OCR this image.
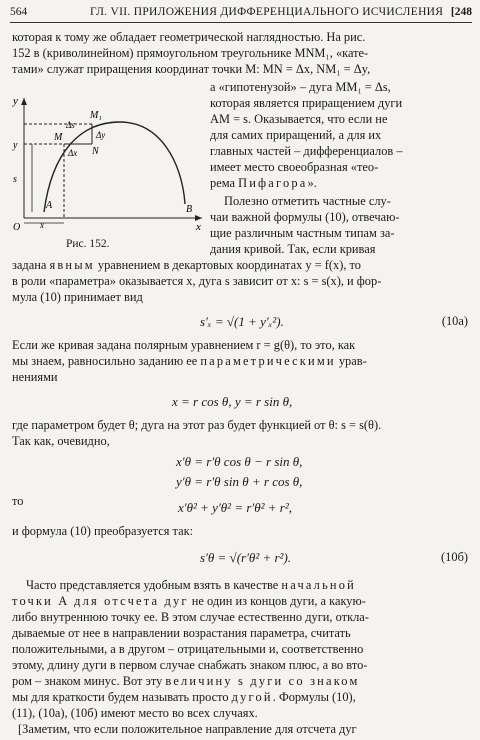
564	ГЛ. VII. ПРИЛОЖЕНИЯ ДИФФЕРЕНЦИАЛЬНОГО ИСЧИСЛЕНИЯ [248

которая к тому же обладает геометрической наглядностью. На рис.

152 в (криволинейном) прямоугольном треугольнике MNM₁, «кате-

тами» служат приращения координат точки M: MN = Δx, NM₁ = Δy,

y
x
O
y
s
x
M
M₁
N
Δx
Δy
Δs
A	B
Рис. 152.

а «гипотенузой» – дуга MM₁ = Δs,

которая является приращением дуги

AM = s. Оказывается, что если не

для самих приращений, а для их

главных частей – дифференциалов –

имеет место своеобразная «тео-

рема Пифагора».

Полезно отметить частные слу-

чаи важной формулы (10), отвечаю-

щие различным частным типам за-

дания кривой. Так, если кривая

задана явным уравнением в декартовых координатах y = f(x), то

в роли «параметра» оказывается x, дуга s зависит от x: s = s(x), и фор-

мула (10) принимает вид

s′ₓ = √(1 + y′ₓ²).	(10а)

Если же кривая задана полярным уравнением r = g(θ), то это, как

мы знаем, равносильно заданию ее параметрическими урав-

нениями

x = r cos θ, y = r sin θ,

где параметром будет θ; дуга на этот раз будет функцией от θ: s = s(θ).

Так как, очевидно,

x′θ = r′θ cos θ − r sin θ,
y′θ = r′θ sin θ + r cos θ,

то	x′θ² + y′θ² = r′θ² + r²,

и формула (10) преобразуется так:

s′θ = √(r′θ² + r²).	(10б)

Часто представляется удобным взять в качестве начальной

точки A для отсчета дуг не один из концов дуги, а какую-

либо внутреннюю точку ее. В этом случае естественно дуги, откла-

дываемые от нее в направлении возрастания параметра, считать

положительными, а в другом – отрицательными и, соответственно

этому, длину дуги в первом случае снабжать знаком плюс, а во вто-

ром – знаком минус. Вот эту величину s дуги со знаком

мы для краткости будем называть просто дугой. Формулы (10),

(11), (10а), (10б) имеют место во всех случаях.

[Заметим, что если положительное направление для отсчета дуг
